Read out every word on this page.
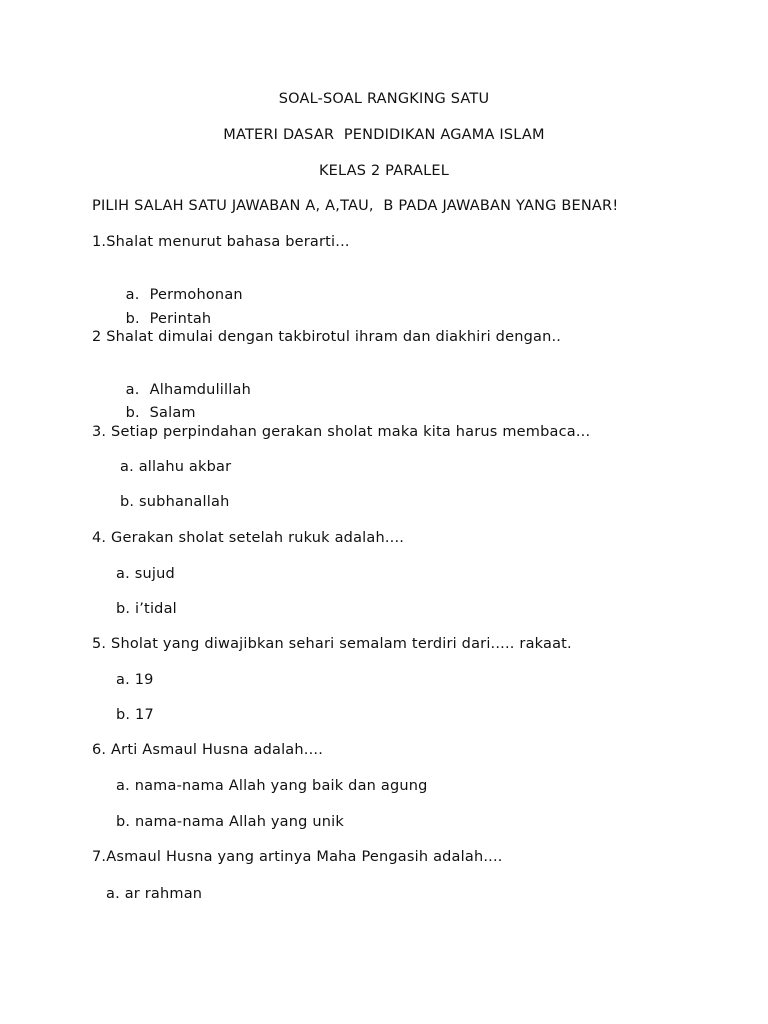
SOAL-SOAL RANGKING SATU
MATERI DASAR  PENDIDIKAN AGAMA ISLAM
KELAS 2 PARALEL
PILIH SALAH SATU JAWABAN A, A,TAU,  B PADA JAWABAN YANG BENAR!
1.Shalat menurut bahasa berarti...

a. Permohonan

b. Perintah

2 Shalat dimulai dengan takbirotul ihram dan diakhiri dengan..

a. Alhamdulillah

b. Salam

3. Setiap perpindahan gerakan sholat maka kita harus membaca...
a. allahu akbar
b. subhanallah
4. Gerakan sholat setelah rukuk adalah....
a. sujud
b. i’tidal
5. Sholat yang diwajibkan sehari semalam terdiri dari..... rakaat.
a. 19
b. 17
6. Arti Asmaul Husna adalah....
a. nama-nama Allah yang baik dan agung
b. nama-nama Allah yang unik
7.Asmaul Husna yang artinya Maha Pengasih adalah....
a. ar rahman
